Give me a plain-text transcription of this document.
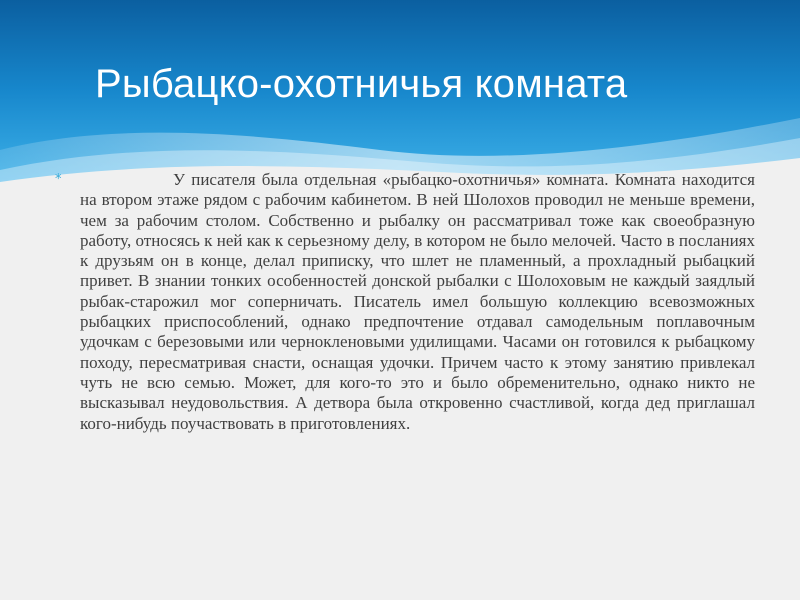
Рыбацко-охотничья комната
*	У писателя была отдельная «рыбацко-охотничья» комната. Комната находится на втором этаже рядом с рабочим кабинетом. В ней Шолохов проводил не меньше времени, чем за рабочим столом. Собственно и рыбалку он рассматривал тоже как своеобразную работу, относясь к ней как к серьезному делу, в котором не было мелочей. Часто в посланиях к друзьям он в конце, делал приписку, что шлет не пламенный, а прохладный рыбацкий привет. В знании тонких особенностей донской рыбалки с Шолоховым не каждый заядлый рыбак-старожил мог соперничать. Писатель имел большую коллекцию всевозможных рыбацких приспособлений, однако предпочтение отдавал самодельным поплавочным удочкам с березовыми или чернокленовыми удилищами. Часами он готовился к рыбацкому походу, пересматривая снасти, оснащая удочки. Причем часто к этому занятию привлекал чуть не всю семью. Может, для кого-то это и было обременительно, однако никто не высказывал неудовольствия. А детвора была откровенно счастливой, когда дед приглашал кого-нибудь поучаствовать в приготовлениях.
